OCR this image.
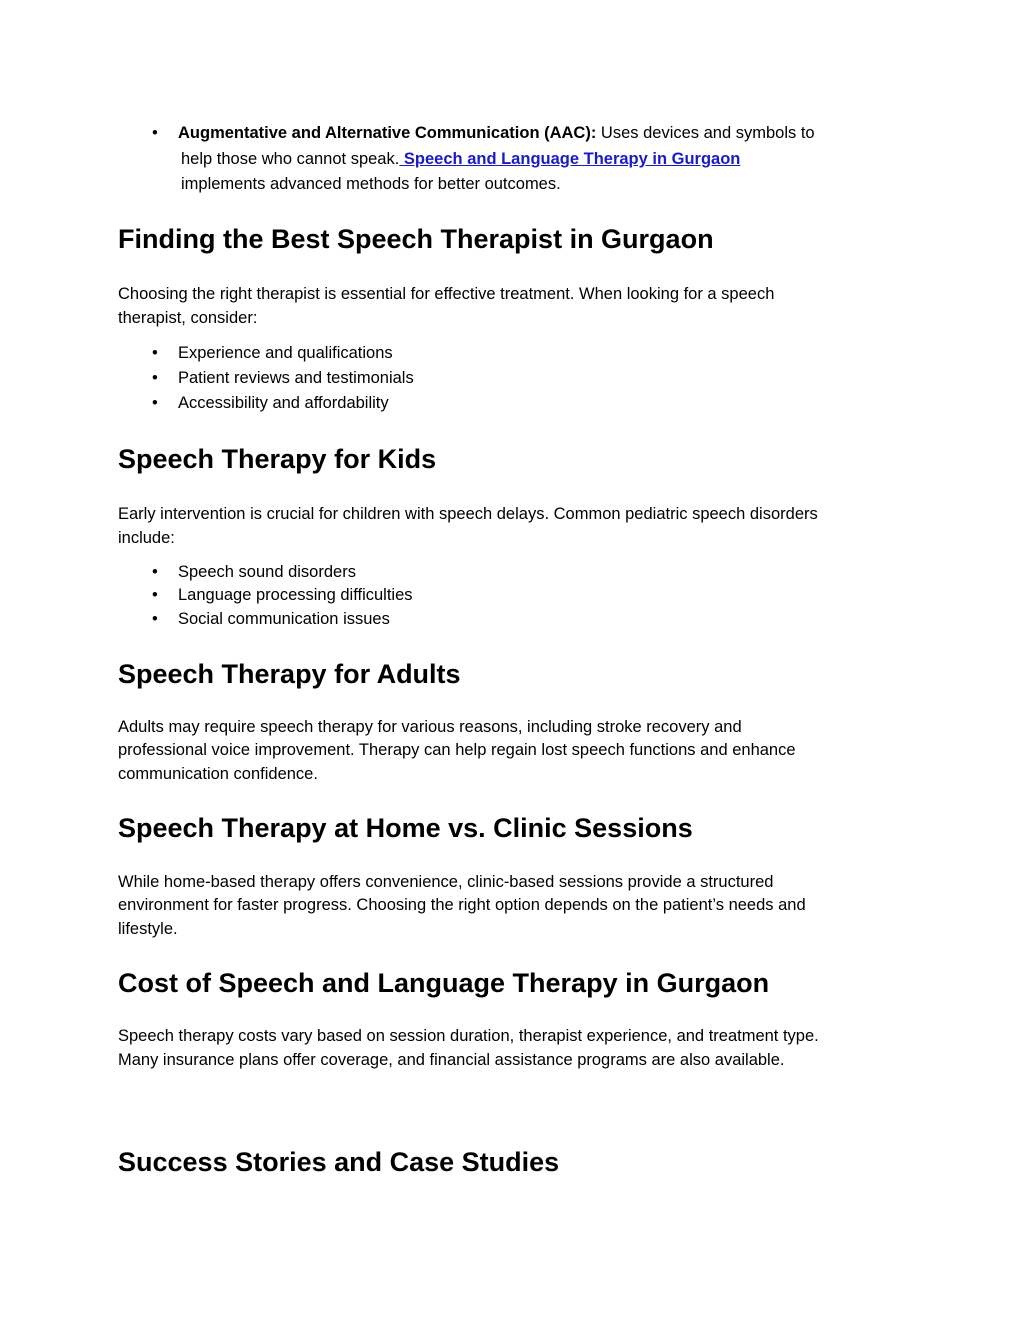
• Augmentative and Alternative Communication (AAC): Uses devices and symbols to
help those who cannot speak. Speech and Language Therapy in Gurgaon
implements advanced methods for better outcomes.
Finding the Best Speech Therapist in Gurgaon
Choosing the right therapist is essential for effective treatment. When looking for a speech
therapist, consider:
• Experience and qualifications
• Patient reviews and testimonials
• Accessibility and affordability
Speech Therapy for Kids
Early intervention is crucial for children with speech delays. Common pediatric speech disorders
include:
• Speech sound disorders
• Language processing difficulties
• Social communication issues
Speech Therapy for Adults
Adults may require speech therapy for various reasons, including stroke recovery and
professional voice improvement. Therapy can help regain lost speech functions and enhance
communication confidence.
Speech Therapy at Home vs. Clinic Sessions
While home-based therapy offers convenience, clinic-based sessions provide a structured
environment for faster progress. Choosing the right option depends on the patient’s needs and
lifestyle.
Cost of Speech and Language Therapy in Gurgaon
Speech therapy costs vary based on session duration, therapist experience, and treatment type.
Many insurance plans offer coverage, and financial assistance programs are also available.
Success Stories and Case Studies
